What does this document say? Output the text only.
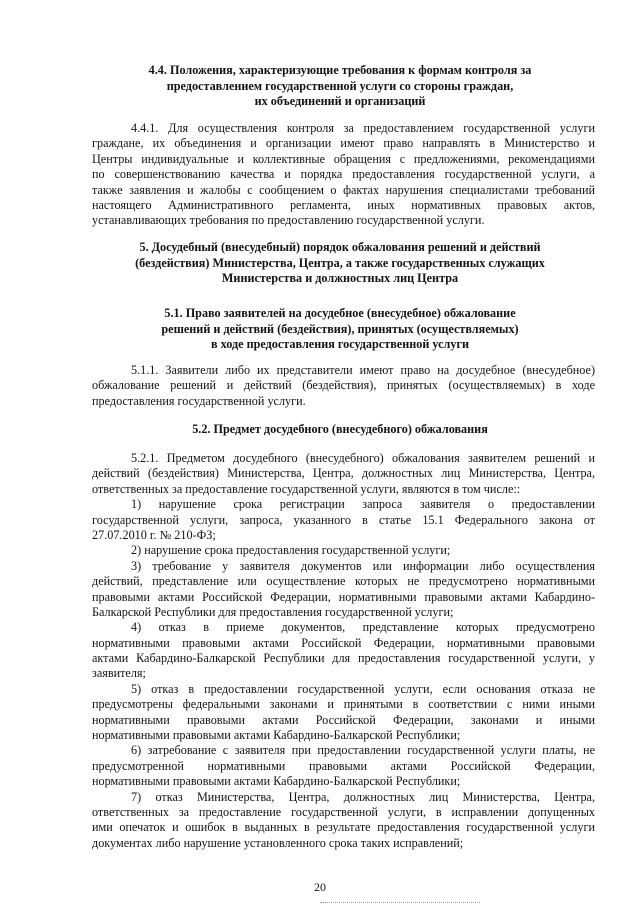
4.4. Положения, характеризующие требования к формам контроля за
предоставлением государственной услуги со стороны граждан,
их объединений и организаций
4.4.1. Для осуществления контроля за предоставлением государственной услуги
граждане, их объединения и организации имеют право направлять в Министерство и
Центры индивидуальные и коллективные обращения с предложениями, рекомендациями
по совершенствованию качества и порядка предоставления государственной услуги, а
также заявления и жалобы с сообщением о фактах нарушения специалистами требований
настоящего Административного регламента, иных нормативных правовых актов,
устанавливающих требования по предоставлению государственной услуги.
5. Досудебный (внесудебный) порядок обжалования решений и действий
(бездействия) Министерства, Центра, а также государственных служащих
Министерства и должностных лиц Центра
5.1. Право заявителей на досудебное (внесудебное) обжалование
решений и действий (бездействия), принятых (осуществляемых)
в ходе предоставления государственной услуги
5.1.1. Заявители либо их представители имеют право на досудебное (внесудебное)
обжалование решений и действий (бездействия), принятых (осуществляемых) в ходе
предоставления государственной услуги.
5.2. Предмет досудебного (внесудебного) обжалования
5.2.1. Предметом досудебного (внесудебного) обжалования заявителем решений и
действий (бездействия) Министерства, Центра, должностных лиц Министерства, Центра,
ответственных за предоставление государственной услуги, являются в том числе::
1) нарушение срока регистрации запроса заявителя о предоставлении
государственной услуги, запроса, указанного в статье 15.1 Федерального закона от
27.07.2010 г. № 210-ФЗ;
2) нарушение срока предоставления государственной услуги;
3) требование у заявителя документов или информации либо осуществления
действий, представление или осуществление которых не предусмотрено нормативными
правовыми актами Российской Федерации, нормативными правовыми актами Кабардино-
Балкарской Республики для предоставления государственной услуги;
4) отказ в приеме документов, представление которых предусмотрено
нормативными правовыми актами Российской Федерации, нормативными правовыми
актами Кабардино-Балкарской Республики для предоставления государственной услуги, у
заявителя;
5) отказ в предоставлении государственной услуги, если основания отказа не
предусмотрены федеральными законами и принятыми в соответствии с ними иными
нормативными правовыми актами Российской Федерации, законами и иными
нормативными правовыми актами Кабардино-Балкарской Республики;
6) затребование с заявителя при предоставлении государственной услуги платы, не
предусмотренной нормативными правовыми актами Российской Федерации,
нормативными правовыми актами Кабардино-Балкарской Республики;
7) отказ Министерства, Центра, должностных лиц Министерства, Центра,
ответственных за предоставление государственной услуги, в исправлении допущенных
ими опечаток и ошибок в выданных в результате предоставления государственной услуги
документах либо нарушение установленного срока таких исправлений;
20
